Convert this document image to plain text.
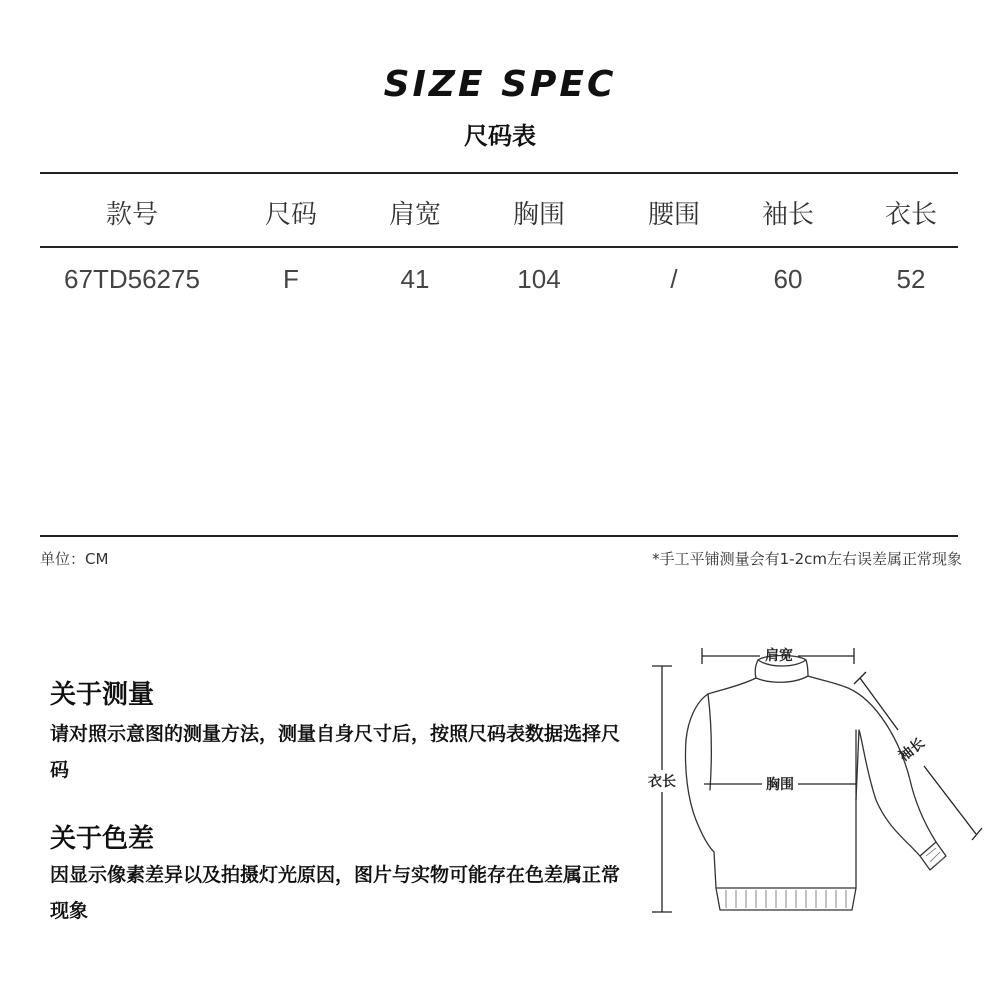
SIZE SPEC
尺码表
款号	尺码	肩宽	胸围	腰围	袖长	衣长
67TD56275	F	41	104	/	60	52
单位：CM	*手工平铺测量会有1-2cm左右误差属正常现象
关于测量
请对照示意图的测量方法，测量自身尺寸后，按照尺码表数据选择尺码
关于色差
因显示像素差异以及拍摄灯光原因，图片与实物可能存在色差属正常现象
肩宽
胸围
衣长
袖长
